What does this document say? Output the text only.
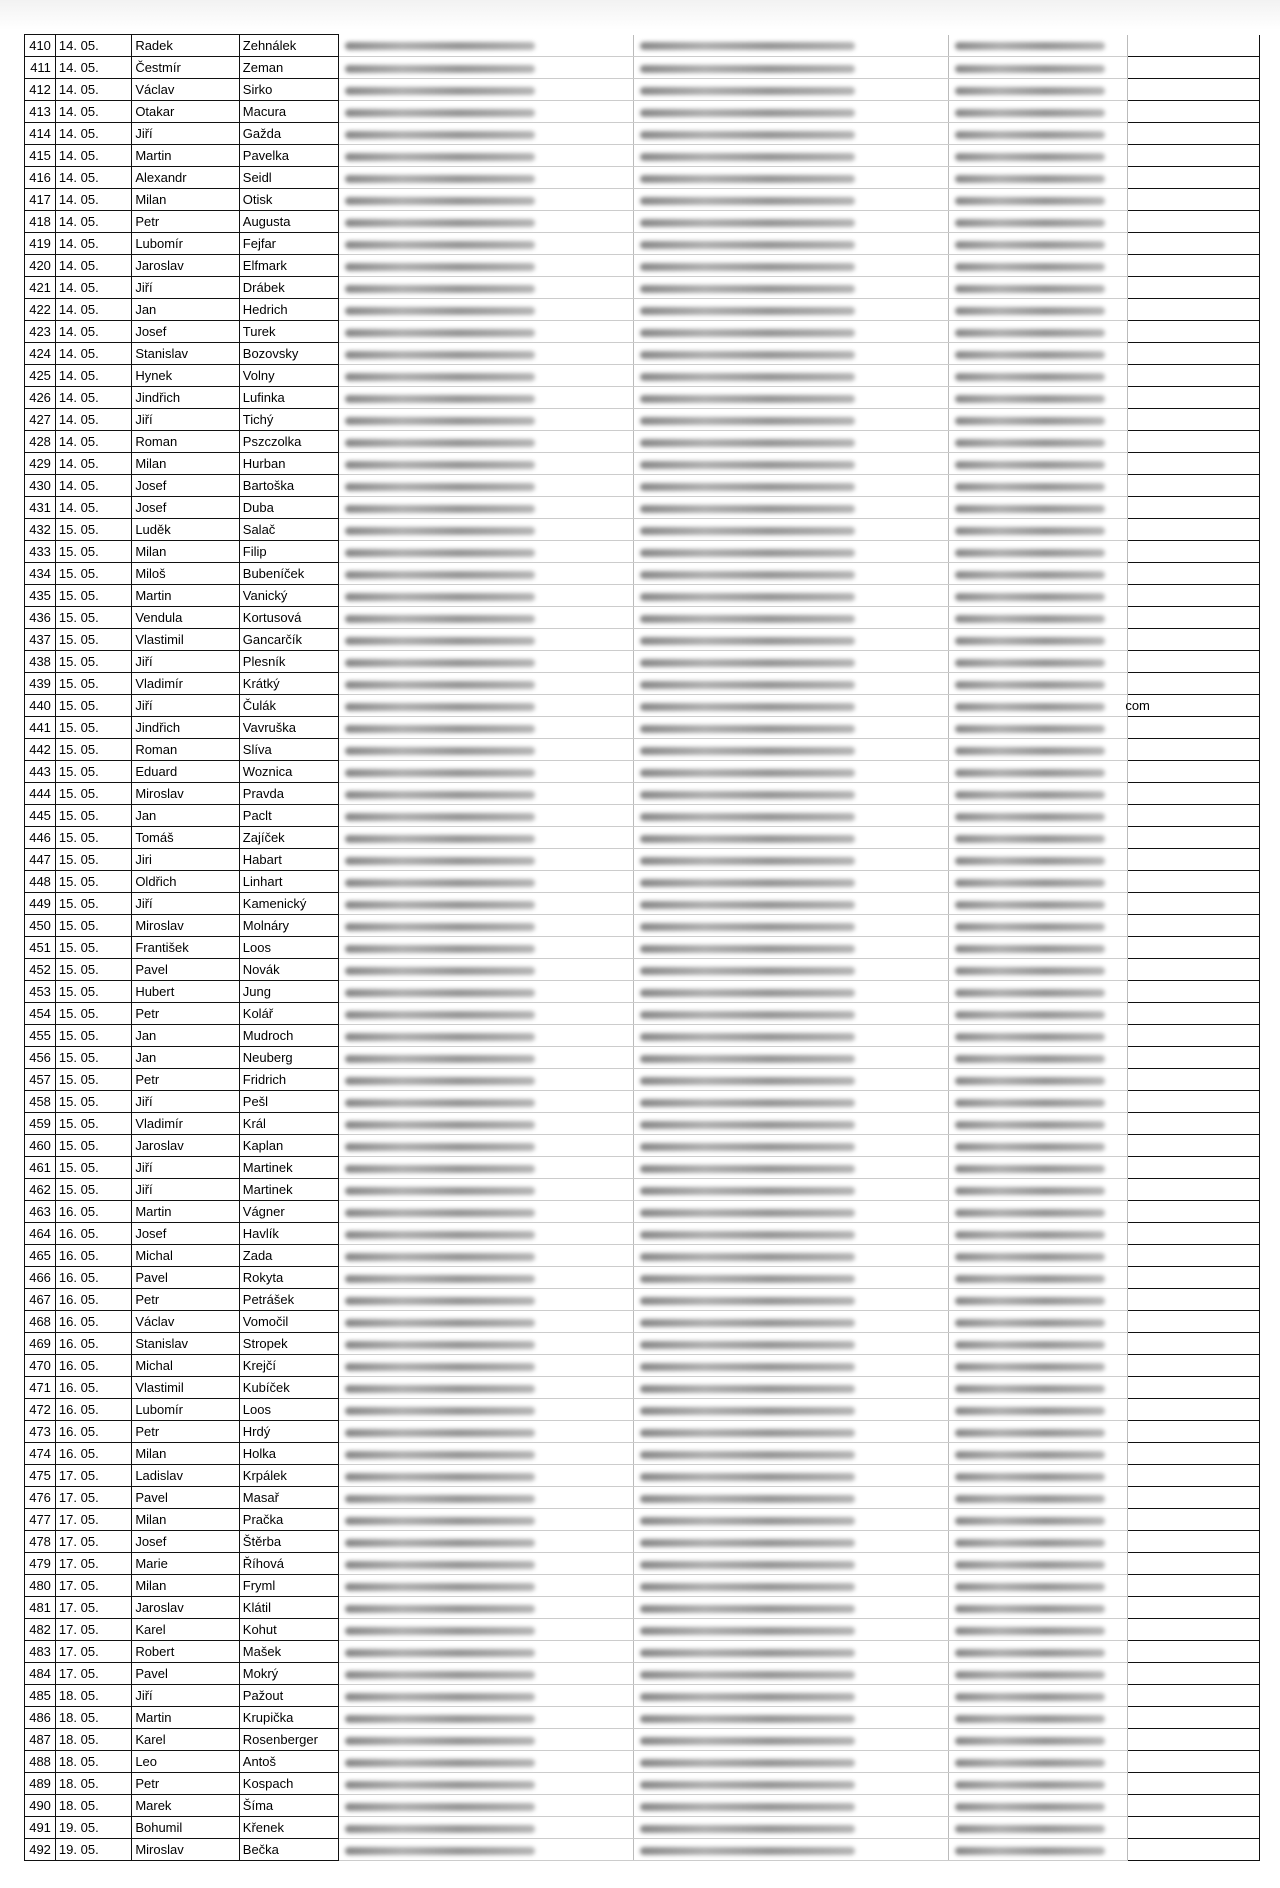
410	14. 05.	Radek	Zehnálek				
411	14. 05.	Čestmír	Zeman				
412	14. 05.	Václav	Sirko				
413	14. 05.	Otakar	Macura				
414	14. 05.	Jiří	Gažda				
415	14. 05.	Martin	Pavelka				
416	14. 05.	Alexandr	Seidl				
417	14. 05.	Milan	Otisk				
418	14. 05.	Petr	Augusta				
419	14. 05.	Lubomír	Fejfar				
420	14. 05.	Jaroslav	Elfmark				
421	14. 05.	Jiří	Drábek				
422	14. 05.	Jan	Hedrich				
423	14. 05.	Josef	Turek				
424	14. 05.	Stanislav	Bozovsky				
425	14. 05.	Hynek	Volny				
426	14. 05.	Jindřich	Lufinka				
427	14. 05.	Jiří	Tichý				
428	14. 05.	Roman	Pszczolka				
429	14. 05.	Milan	Hurban				
430	14. 05.	Josef	Bartoška				
431	14. 05.	Josef	Duba				
432	15. 05.	Luděk	Salač				
433	15. 05.	Milan	Filip				
434	15. 05.	Miloš	Bubeníček				
435	15. 05.	Martin	Vanický				
436	15. 05.	Vendula	Kortusová				
437	15. 05.	Vlastimil	Gancarčík				
438	15. 05.	Jiří	Plesník				
439	15. 05.	Vladimír	Krátký				
440	15. 05.	Jiří	Čulák				com
441	15. 05.	Jindřich	Vavruška				
442	15. 05.	Roman	Slíva				
443	15. 05.	Eduard	Woznica				
444	15. 05.	Miroslav	Pravda				
445	15. 05.	Jan	Paclt				
446	15. 05.	Tomáš	Zajíček				
447	15. 05.	Jiri	Habart				
448	15. 05.	Oldřich	Linhart				
449	15. 05.	Jiří	Kamenický				
450	15. 05.	Miroslav	Molnáry				
451	15. 05.	František	Loos				
452	15. 05.	Pavel	Novák				
453	15. 05.	Hubert	Jung				
454	15. 05.	Petr	Kolář				
455	15. 05.	Jan	Mudroch				
456	15. 05.	Jan	Neuberg				
457	15. 05.	Petr	Fridrich				
458	15. 05.	Jiří	Pešl				
459	15. 05.	Vladimír	Král				
460	15. 05.	Jaroslav	Kaplan				
461	15. 05.	Jiří	Martinek				
462	15. 05.	Jiří	Martinek				
463	16. 05.	Martin	Vágner				
464	16. 05.	Josef	Havlík				
465	16. 05.	Michal	Zada				
466	16. 05.	Pavel	Rokyta				
467	16. 05.	Petr	Petrášek				
468	16. 05.	Václav	Vomočil				
469	16. 05.	Stanislav	Stropek				
470	16. 05.	Michal	Krejčí				
471	16. 05.	Vlastimil	Kubíček				
472	16. 05.	Lubomír	Loos				
473	16. 05.	Petr	Hrdý				
474	16. 05.	Milan	Holka				
475	17. 05.	Ladislav	Krpálek				
476	17. 05.	Pavel	Masař				
477	17. 05.	Milan	Pračka				
478	17. 05.	Josef	Štěrba				
479	17. 05.	Marie	Říhová				
480	17. 05.	Milan	Fryml				
481	17. 05.	Jaroslav	Klátil				
482	17. 05.	Karel	Kohut				
483	17. 05.	Robert	Mašek				
484	17. 05.	Pavel	Mokrý				
485	18. 05.	Jiří	Pažout				
486	18. 05.	Martin	Krupička				
487	18. 05.	Karel	Rosenberger				
488	18. 05.	Leo	Antoš				
489	18. 05.	Petr	Kospach				
490	18. 05.	Marek	Šíma				
491	19. 05.	Bohumil	Křenek				
492	19. 05.	Miroslav	Bečka				
